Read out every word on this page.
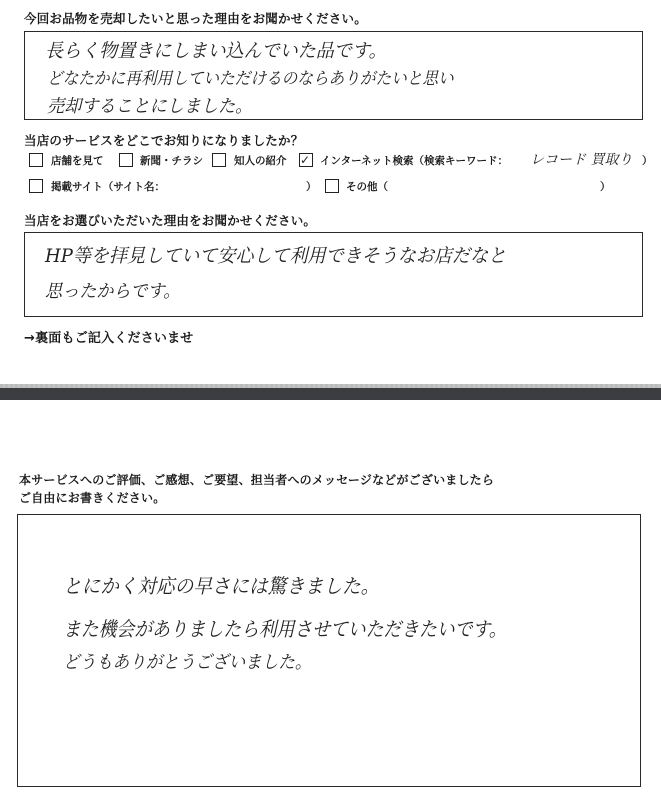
今回お品物を売却したいと思った理由をお聞かせください。
長らく物置きにしまい込んでいた品です。
どなたかに再利用していただけるのならありがたいと思い
売却することにしました。
当店のサービスをどこでお知りになりましたか？
店舗を見て	新聞・チラシ	知人の紹介 ✓ インターネット検索（検索キーワード： レコード 買取り ）
掲載サイト（サイト名：	）	その他（	）
当店をお選びいただいた理由をお聞かせください。
HP等を拝見していて安心して利用できそうなお店だなと
思ったからです。
→裏面もご記入くださいませ
本サービスへのご評価、ご感想、ご要望、担当者へのメッセージなどがございましたら
ご自由にお書きください。
とにかく対応の早さには驚きました。
また機会がありましたら利用させていただきたいです。
どうもありがとうございました。
